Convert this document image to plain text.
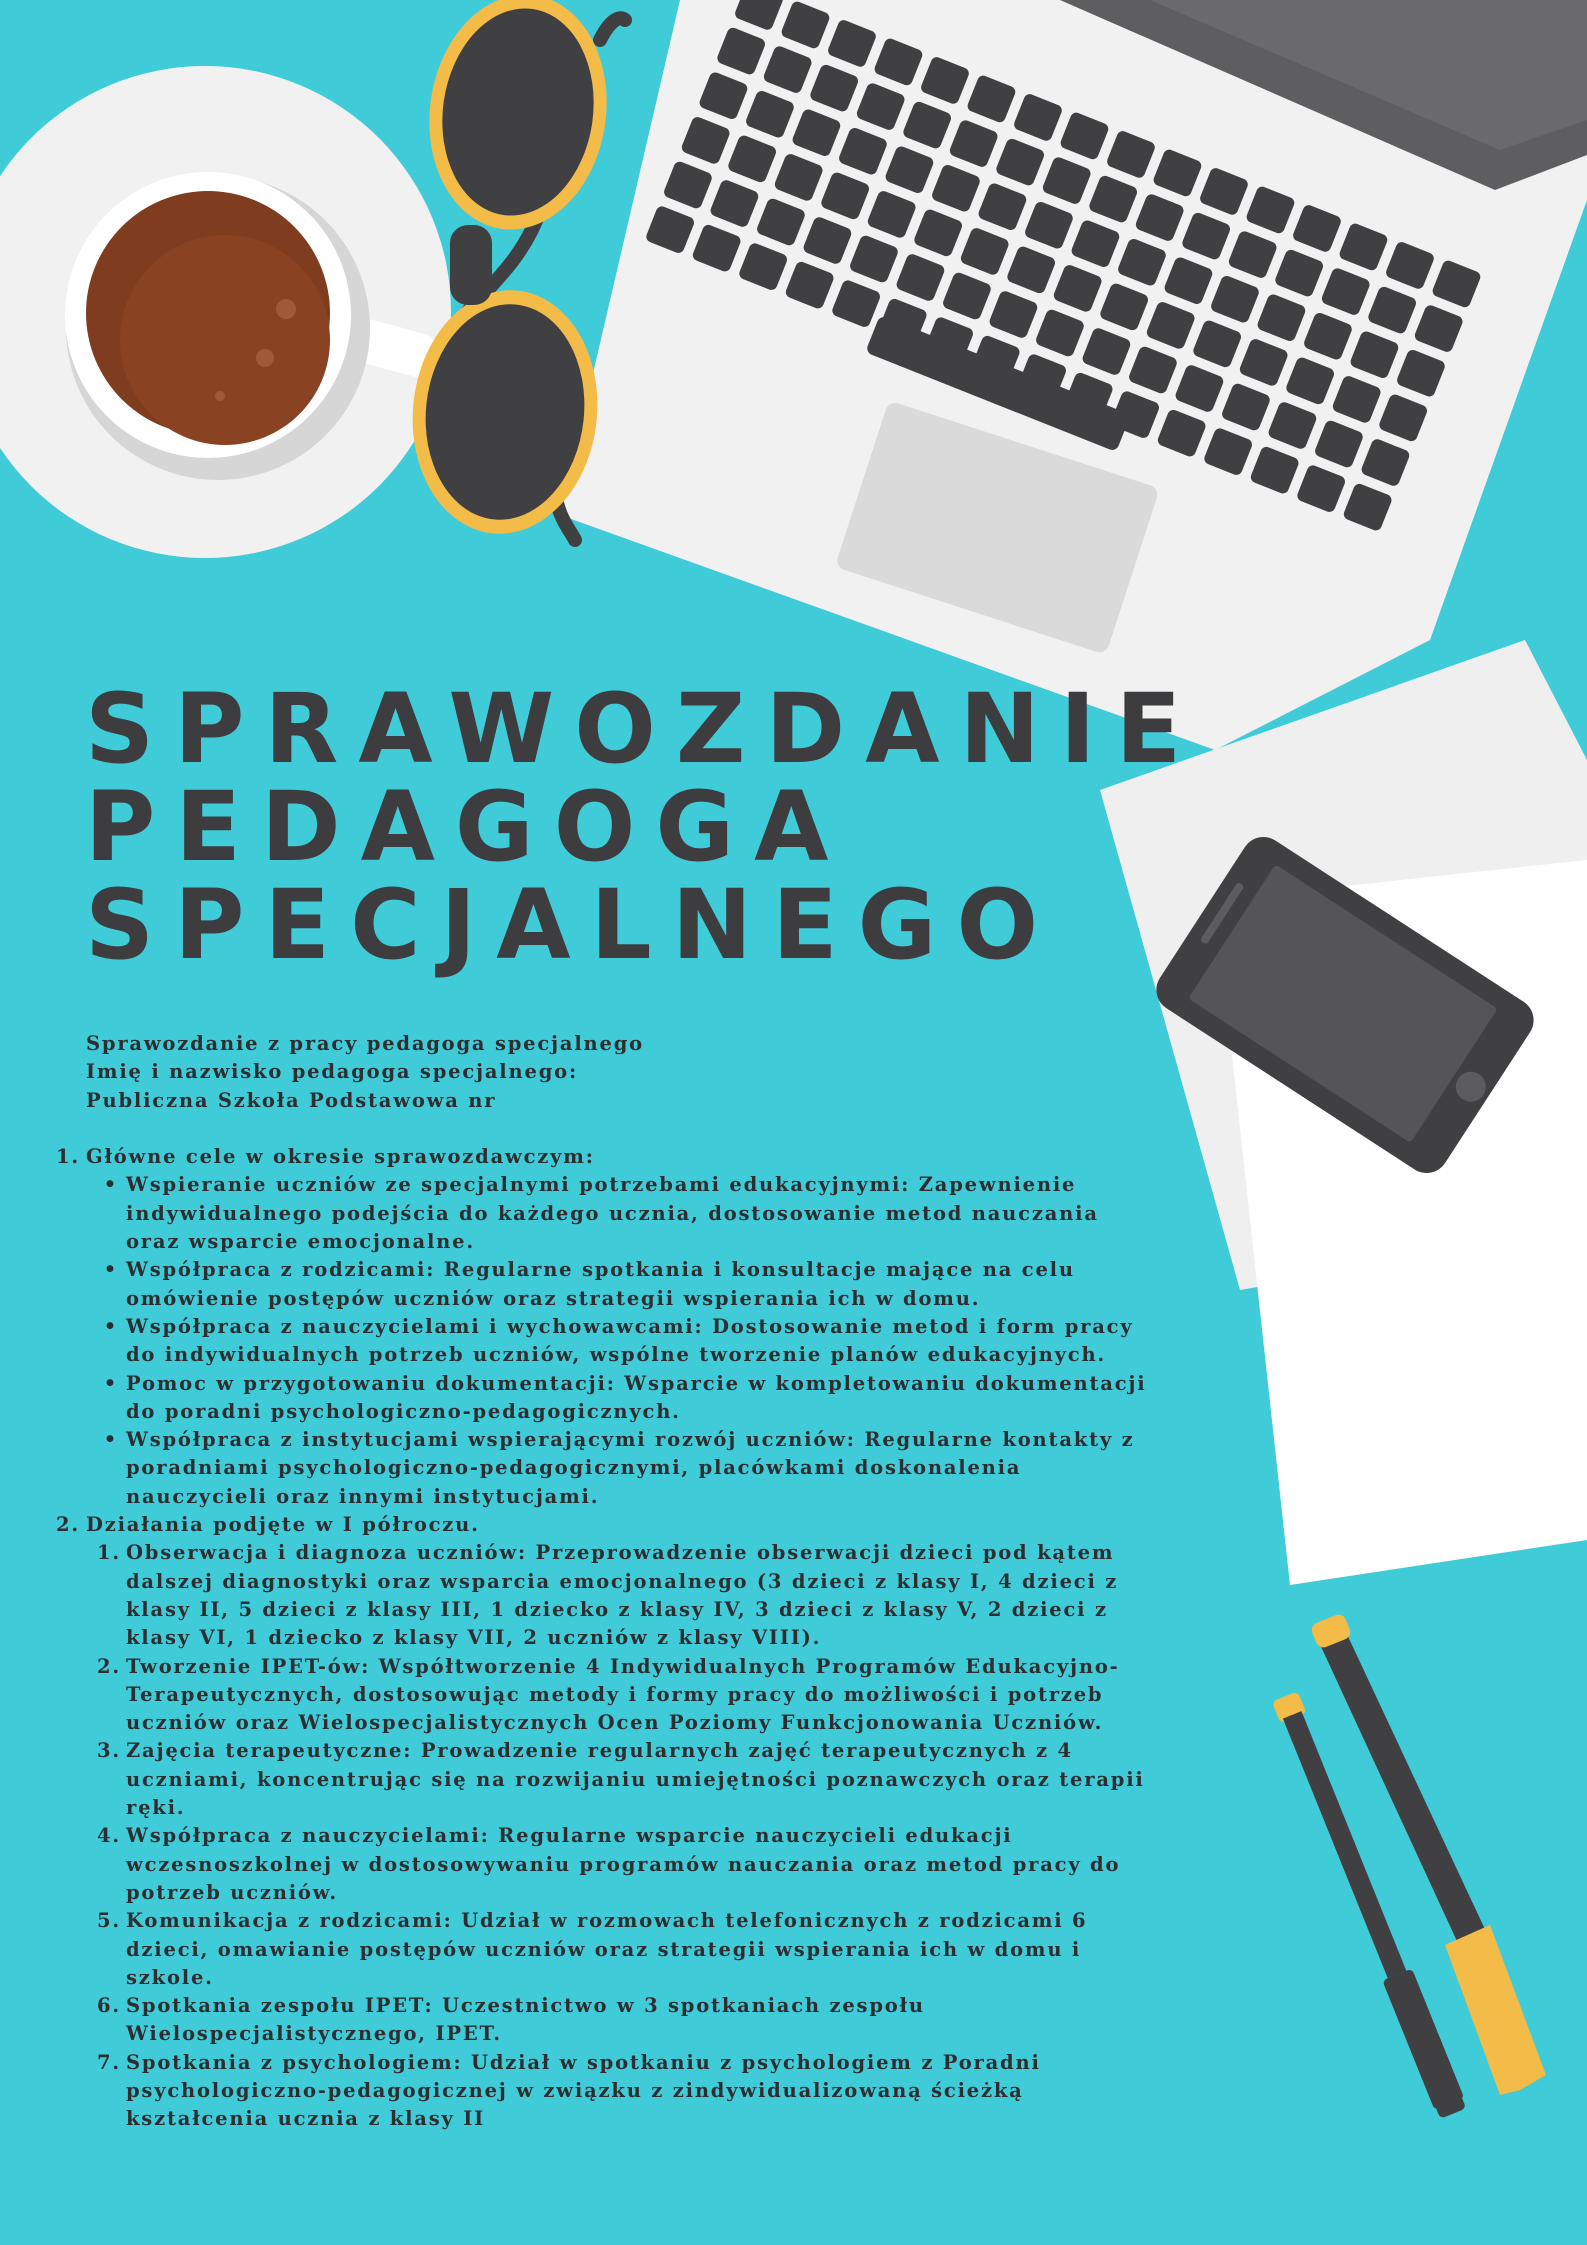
SPRAWOZDANIE
PEDAGOGA
SPECJALNEGO

Sprawozdanie z pracy pedagoga specjalnego

Imię i nazwisko pedagoga specjalnego:

Publiczna Szkoła Podstawowa nr

1. Główne cele w okresie sprawozdawczym:
• Wspieranie uczniów ze specjalnymi potrzebami edukacyjnymi: Zapewnienie
indywidualnego podejścia do każdego ucznia, dostosowanie metod nauczania
oraz wsparcie emocjonalne.
• Współpraca z rodzicami: Regularne spotkania i konsultacje mające na celu
omówienie postępów uczniów oraz strategii wspierania ich w domu.
• Współpraca z nauczycielami i wychowawcami: Dostosowanie metod i form pracy
do indywidualnych potrzeb uczniów, wspólne tworzenie planów edukacyjnych.
• Pomoc w przygotowaniu dokumentacji: Wsparcie w kompletowaniu dokumentacji
do poradni psychologiczno-pedagogicznych.
• Współpraca z instytucjami wspierającymi rozwój uczniów: Regularne kontakty z
poradniami psychologiczno-pedagogicznymi, placówkami doskonalenia
nauczycieli oraz innymi instytucjami.
2. Działania podjęte w I półroczu.
1. Obserwacja i diagnoza uczniów: Przeprowadzenie obserwacji dzieci pod kątem
dalszej diagnostyki oraz wsparcia emocjonalnego (3 dzieci z klasy I, 4 dzieci z
klasy II, 5 dzieci z klasy III, 1 dziecko z klasy IV, 3 dzieci z klasy V, 2 dzieci z
klasy VI, 1 dziecko z klasy VII, 2 uczniów z klasy VIII).
2. Tworzenie IPET-ów: Współtworzenie 4 Indywidualnych Programów Edukacyjno-
Terapeutycznych, dostosowując metody i formy pracy do możliwości i potrzeb
uczniów oraz Wielospecjalistycznych Ocen Poziomy Funkcjonowania Uczniów.
3. Zajęcia terapeutyczne: Prowadzenie regularnych zajęć terapeutycznych z 4
uczniami, koncentrując się na rozwijaniu umiejętności poznawczych oraz terapii
ręki.
4. Współpraca z nauczycielami: Regularne wsparcie nauczycieli edukacji
wczesnoszkolnej w dostosowywaniu programów nauczania oraz metod pracy do
potrzeb uczniów.
5. Komunikacja z rodzicami: Udział w rozmowach telefonicznych z rodzicami 6
dzieci, omawianie postępów uczniów oraz strategii wspierania ich w domu i
szkole.
6. Spotkania zespołu IPET: Uczestnictwo w 3 spotkaniach zespołu
Wielospecjalistycznego, IPET.
7. Spotkania z psychologiem: Udział w spotkaniu z psychologiem z Poradni
psychologiczno-pedagogicznej w związku z zindywidualizowaną ścieżką
kształcenia ucznia z klasy II
